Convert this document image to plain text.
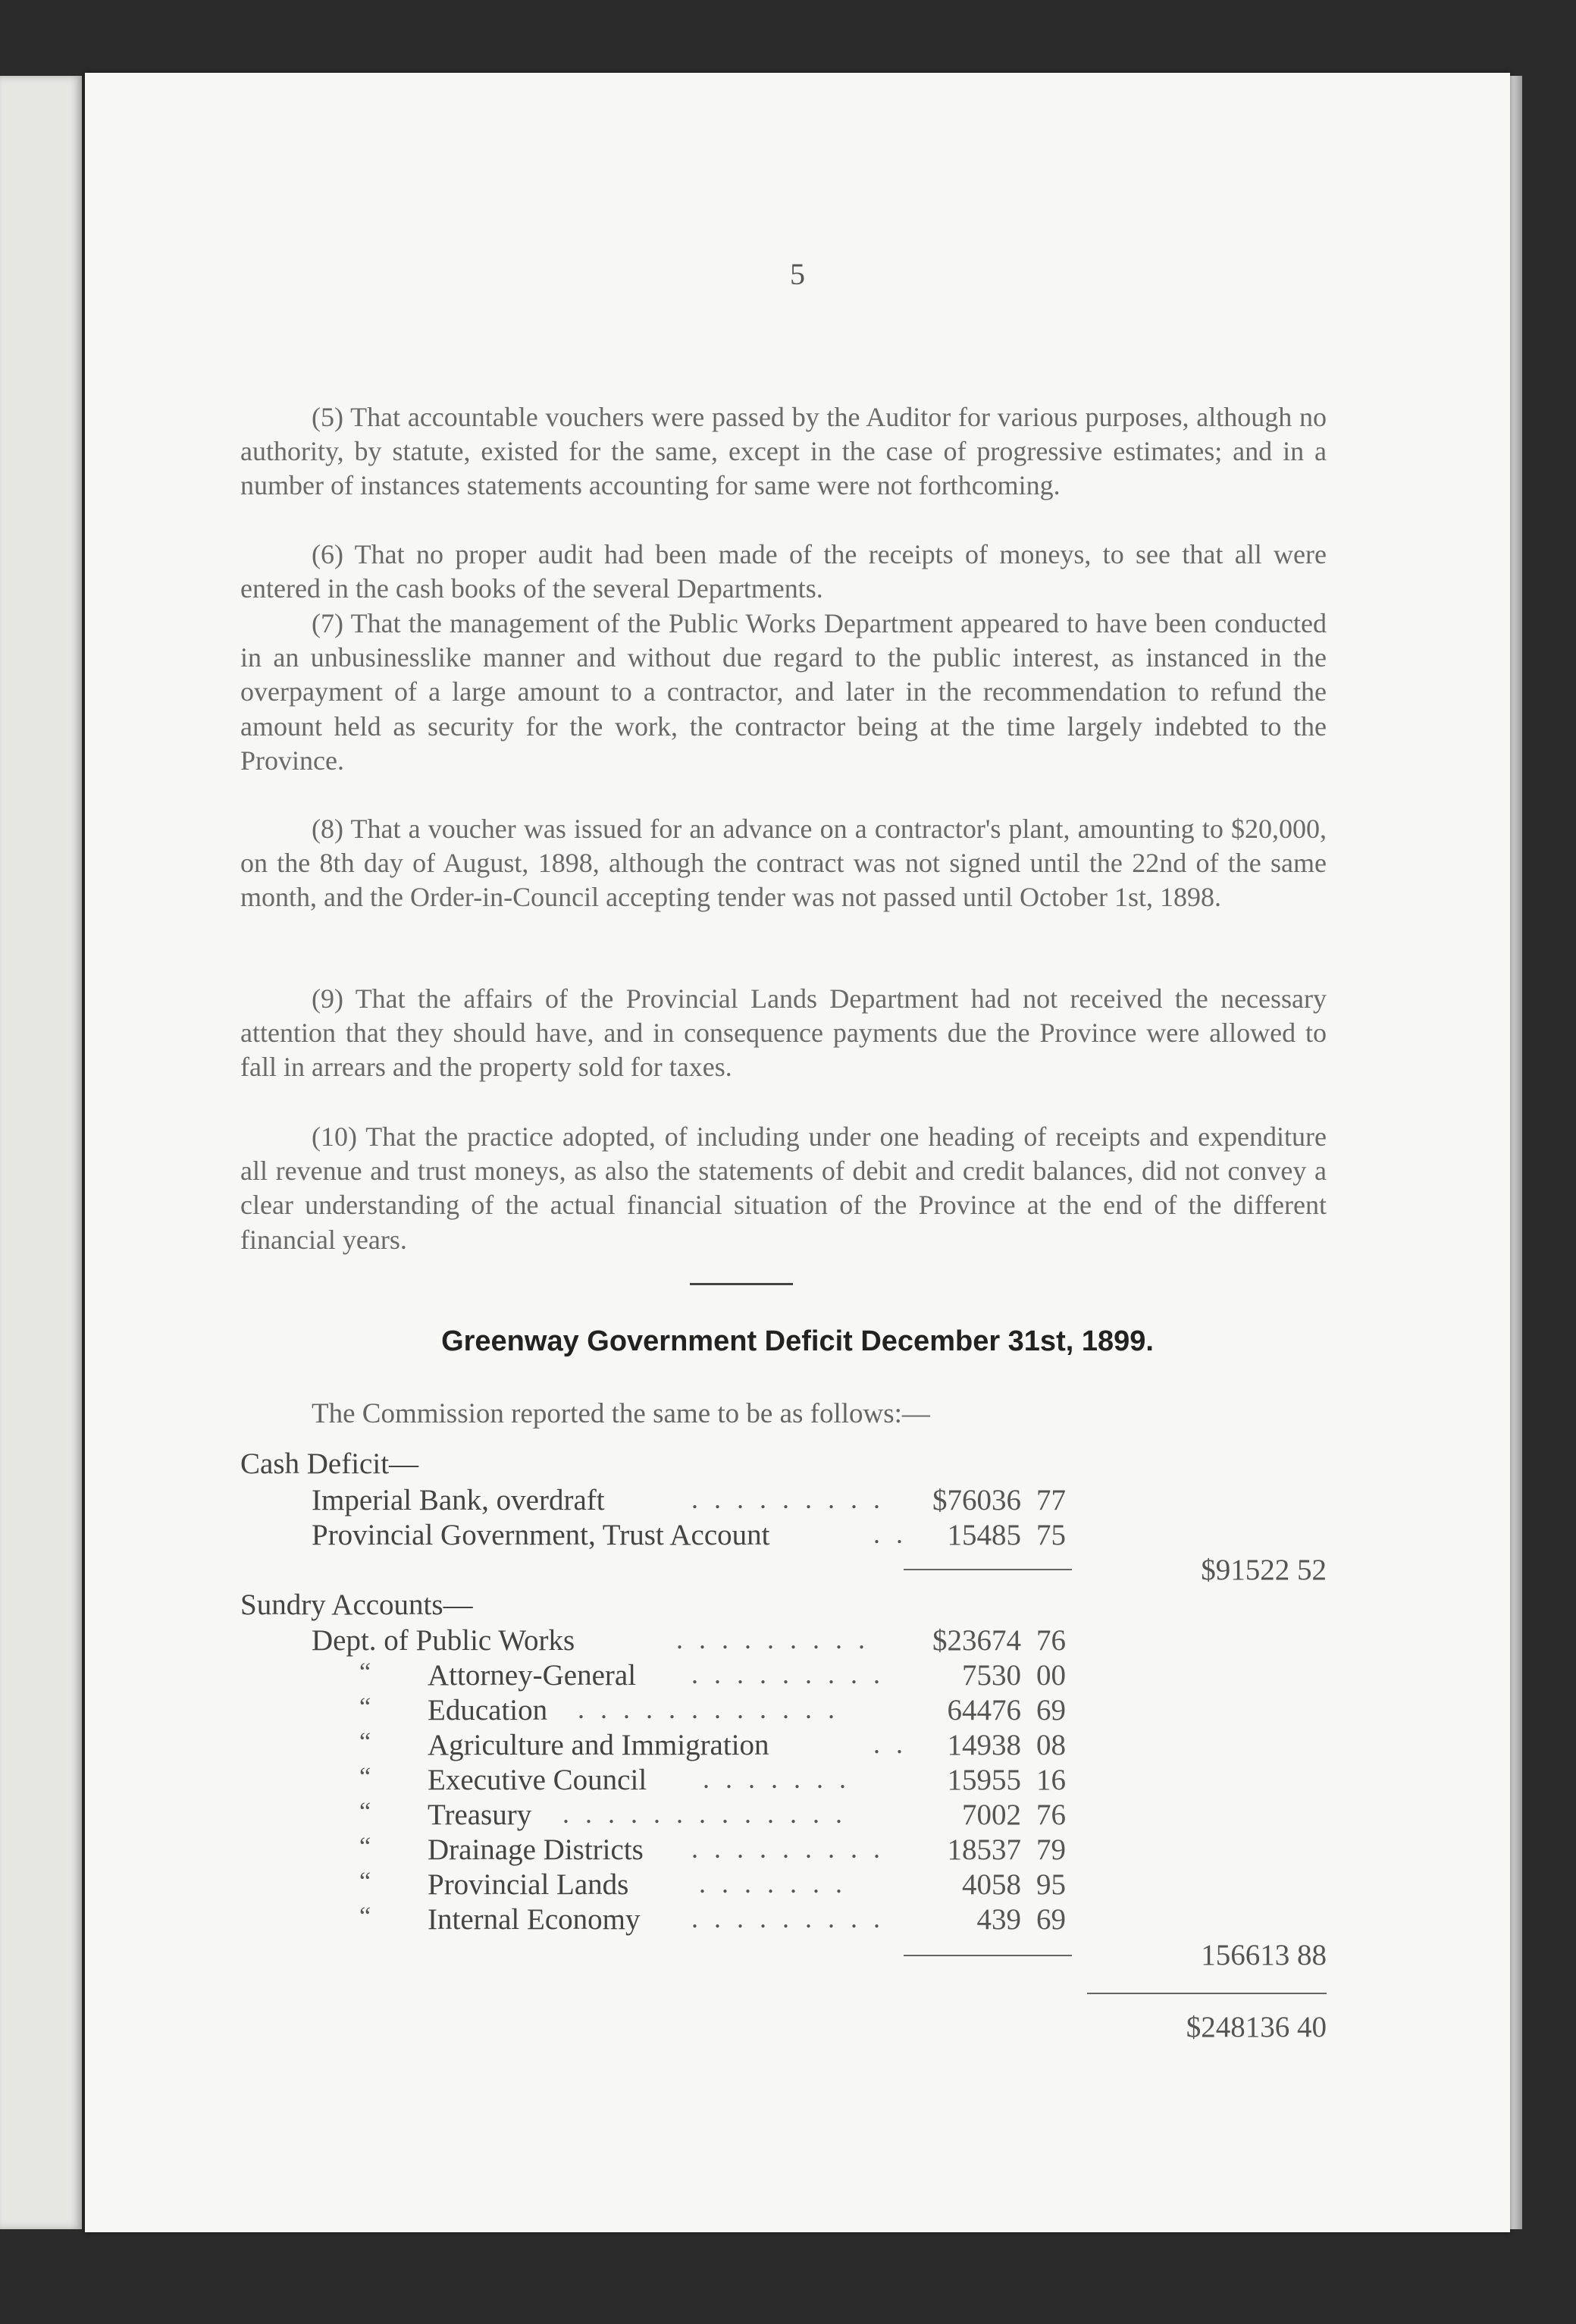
5

(5) That accountable vouchers were passed by the Auditor for various purposes, although no authority, by statute, existed for the same, except in the case of progressive estimates; and in a number of instances statements accounting for same were not forthcoming.

(6) That no proper audit had been made of the receipts of moneys, to see that all were entered in the cash books of the several Departments.

(7) That the management of the Public Works Department appeared to have been conducted in an unbusinesslike manner and without due regard to the public interest, as instanced in the overpayment of a large amount to a contractor, and later in the recommendation to refund the amount held as security for the work, the contractor being at the time largely indebted to the Province.

(8) That a voucher was issued for an advance on a contractor's plant, amounting to $20,000, on the 8th day of August, 1898, although the contract was not signed until the 22nd of the same month, and the Order-in-Council accepting tender was not passed until October 1st, 1898.

(9) That the affairs of the Provincial Lands Department had not received the necessary attention that they should have, and in consequence payments due the Province were allowed to fall in arrears and the property sold for taxes.

(10) That the practice adopted, of including under one heading of receipts and expenditure all revenue and trust moneys, as also the statements of debit and credit balances, did not convey a clear understanding of the actual financial situation of the Province at the end of the different financial years.

Greenway Government Deficit December 31st, 1899.
The Commission reported the same to be as follows:—
Cash Deficit—
Imperial Bank, overdraft	. . . . . . . . .	$76036 77
Provincial Government, Trust Account	. .	15485 75
$91522 52
Sundry Accounts—
Dept. of Public Works	. . . . . . . . .	$23674 76
“ Attorney-General . . . . . . . . .	7530 00
“ Education . . . . . . . . . . . .	64476 69
“ Agriculture and Immigration	. .	14938 08
“ Executive Council . . . . . . .	15955 16
“ Treasury . . . . . . . . . . . . .	7002 76
“ Drainage Districts . . . . . . . . .	18537 79
“ Provincial Lands	. . . . . . .	4058 95
“ Internal Economy . . . . . . . . .	439 69
156613 88
$248136 40
